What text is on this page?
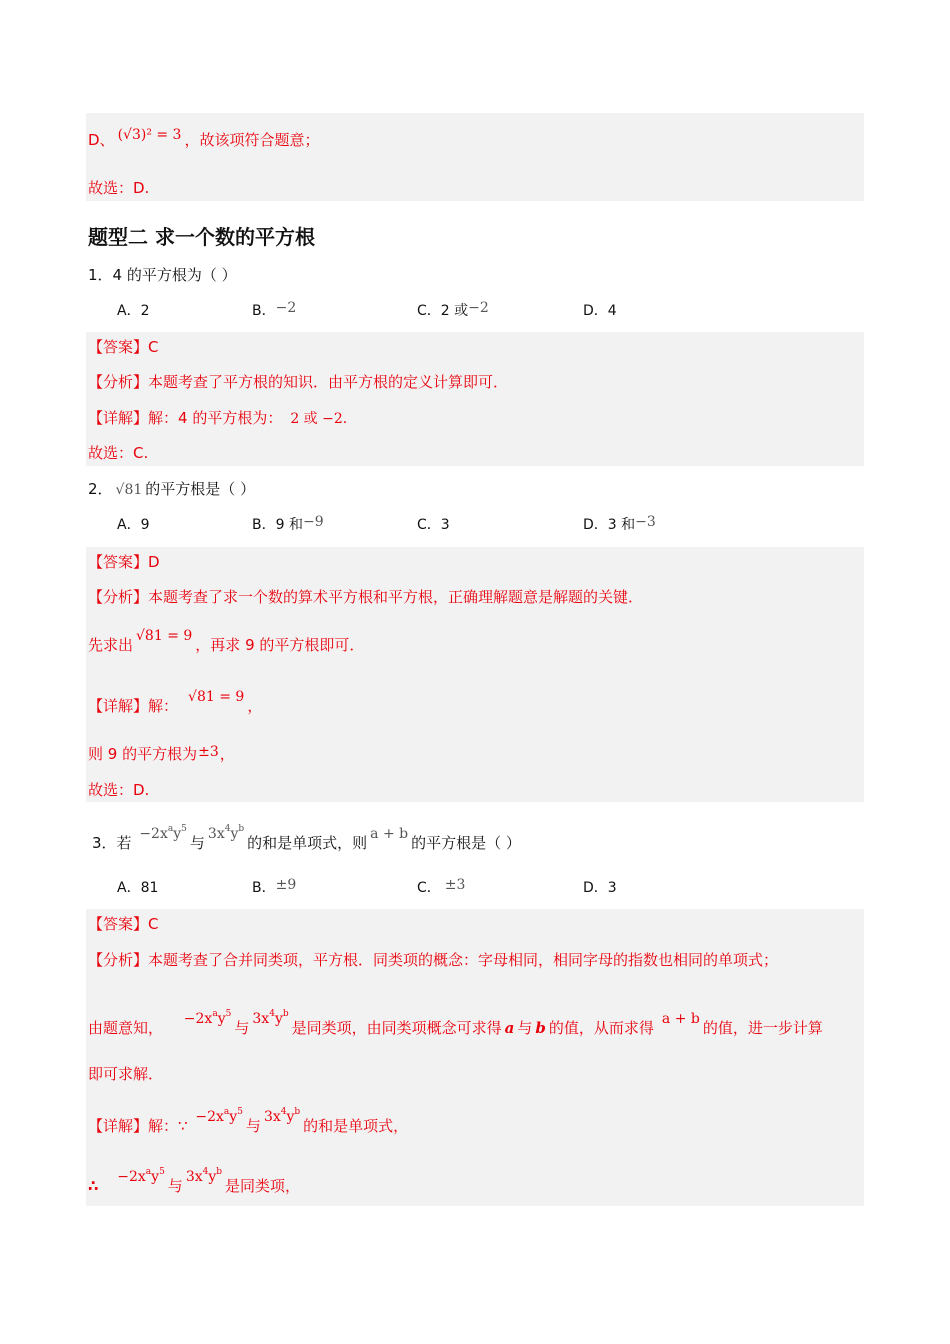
D、 (√3)² = 3 ，故该项符合题意；
故选：D.
题型二 求一个数的平方根
1．4 的平方根为（ ）
A．2	B．−2	C．2 或−2	D．4
【答案】C
【分析】本题考查了平方根的知识．由平方根的定义计算即可．
【详解】解：4 的平方根为： 2 或 −2．
故选：C.
2． √81 的平方根是（ ）
A．9	B．9 和−9	C．3	D．3 和−3
【答案】D
【分析】本题考查了求一个数的算术平方根和平方根，正确理解题意是解题的关键．
先求出 √81 = 9 ，再求 9 的平方根即可．
【详解】解： √81 = 9 ，
则 9 的平方根为±3，
故选：D.
3．若 $-2x^ay^5$与 $3x^4y^b$的和是单项式，则 a + b 的平方根是（ ）
A．81	B．±9	C． ±3	D．3
【答案】C
【分析】本题考查了合并同类项，平方根．同类项的概念：字母相同，相同字母的指数也相同的单项式；
由题意知， $-2x^ay^5$与 $3x^4y^b$是同类项，由同类项概念可求得 a 与 b 的值，从而求得 a + b 的值，进一步计算
即可求解．
【详解】解：∵ $-2x^ay^5$与 $3x^4y^b$的和是单项式，
∴ $-2x^ay^5$与 $3x^4y^b$是同类项，
